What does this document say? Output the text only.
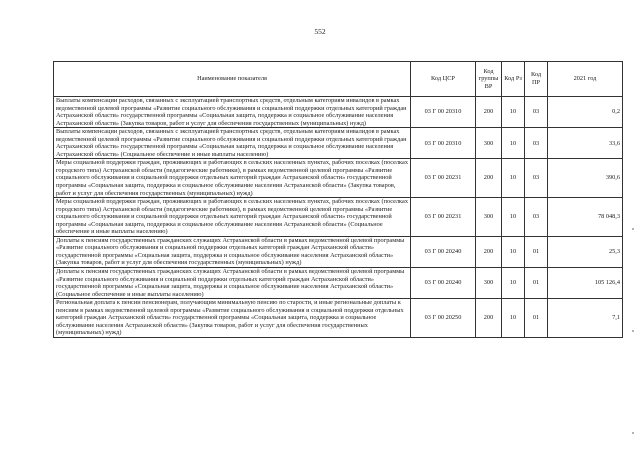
552
Наименование показателя	Код ЦСР	Код группы ВР	Код Рз	Код ПР	2021 год
Выплаты компенсации расходов, связанных с эксплуатацией транспортных средств, отдельным категориям инвалидов в рамках ведомственной целевой программы «Развитие социального обслуживания и социальной поддержки отдельных категорий граждан Астраханской области» государственной программы «Социальная защита, поддержка и социальное обслуживание населения Астраханской области» (Закупка товаров, работ и услуг для обеспечения государственных (муниципальных) нужд)	03 Г 00 20310	200	10	03	0,2
Выплаты компенсации расходов, связанных с эксплуатацией транспортных средств, отдельным категориям инвалидов в рамках ведомственной целевой программы «Развитие социального обслуживания и социальной поддержки отдельных категорий граждан Астраханской области» государственной программы «Социальная защита, поддержка и социальное обслуживание населения Астраханской области» (Социальное обеспечение и иные выплаты населению)	03 Г 00 20310	300	10	03	33,6
Меры социальной поддержки граждан, проживающих и работающих в сельских населенных пунктах, рабочих поселках (поселках городского типа) Астраханской области (педагогические работники), в рамках ведомственной целевой программы «Развитие социального обслуживания и социальной поддержки отдельных категорий граждан Астраханской области» государственной программы «Социальная защита, поддержка и социальное обслуживание населения Астраханской области» (Закупка товаров, работ и услуг для обеспечения государственных (муниципальных) нужд)	03 Г 00 20231	200	10	03	390,6
Меры социальной поддержки граждан, проживающих и работающих в сельских населенных пунктах, рабочих поселках (поселках городского типа) Астраханской области (педагогические работники), в рамках ведомственной целевой программы «Развитие социального обслуживания и социальной поддержки отдельных категорий граждан Астраханской области» государственной программы «Социальная защита, поддержка и социальное обслуживание населения Астраханской области» (Социальное обеспечение и иные выплаты населению)	03 Г 00 20231	300	10	03	78 048,3
Доплаты к пенсиям государственных гражданских служащих Астраханской области в рамках ведомственной целевой программы «Развитие социального обслуживания и социальной поддержки отдельных категорий граждан Астраханской области» государственной программы «Социальная защита, поддержка и социальное обслуживание населения Астраханской области» (Закупка товаров, работ и услуг для обеспечения государственных (муниципальных) нужд)	03 Г 00 20240	200	10	01	25,3
Доплаты к пенсиям государственных гражданских служащих Астраханской области в рамках ведомственной целевой программы «Развитие социального обслуживания и социальной поддержки отдельных категорий граждан Астраханской области» государственной программы «Социальная защита, поддержка и социальное обслуживание населения Астраханской области» (Социальное обеспечение и иные выплаты населению)	03 Г 00 20240	300	10	01	105 126,4
Региональная доплата к пенсии пенсионерам, получающим минимальную пенсию по старости, и иные региональные доплаты к пенсиям в рамках ведомственной целевой программы «Развитие социального обслуживания и социальной поддержки отдельных категорий граждан Астраханской области» государственной программы «Социальная защита, поддержка и социальное обслуживание населения Астраханской области» (Закупка товаров, работ и услуг для обеспечения государственных (муниципальных) нужд)	03 Г 00 20250	200	10	01	7,1
